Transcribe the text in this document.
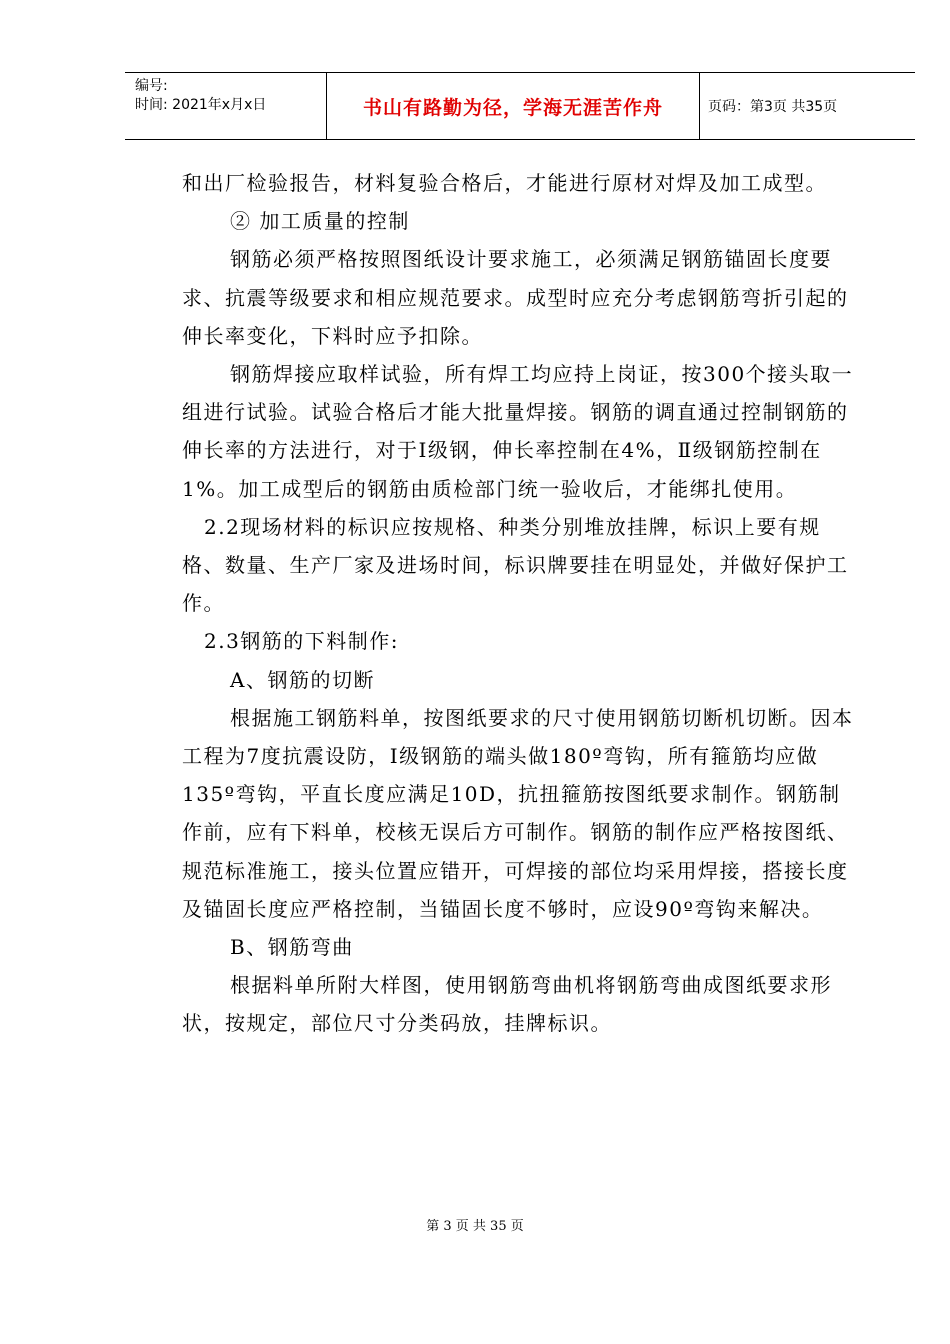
编号:
时间: 2021年x月x日	书山有路勤为径，学海无涯苦作舟	页码：第3页 共35页

和出厂检验报告，材料复验合格后，才能进行原材对焊及加工成型。

② 加工质量的控制

钢筋必须严格按照图纸设计要求施工，必须满足钢筋锚固长度要求、抗震等级要求和相应规范要求。成型时应充分考虑钢筋弯折引起的伸长率变化，下料时应予扣除。

钢筋焊接应取样试验，所有焊工均应持上岗证，按300个接头取一组进行试验。试验合格后才能大批量焊接。钢筋的调直通过控制钢筋的伸长率的方法进行，对于Ⅰ级钢，伸长率控制在4%，Ⅱ级钢筋控制在1%。加工成型后的钢筋由质检部门统一验收后，才能绑扎使用。

2.2现场材料的标识应按规格、种类分别堆放挂牌，标识上要有规格、数量、生产厂家及进场时间，标识牌要挂在明显处，并做好保护工作。

2.3钢筋的下料制作:

A、钢筋的切断

根据施工钢筋料单，按图纸要求的尺寸使用钢筋切断机切断。因本工程为7度抗震设防，Ⅰ级钢筋的端头做180º弯钩，所有箍筋均应做135º弯钩，平直长度应满足10D，抗扭箍筋按图纸要求制作。钢筋制作前，应有下料单，校核无误后方可制作。钢筋的制作应严格按图纸、规范标准施工，接头位置应错开，可焊接的部位均采用焊接，搭接长度及锚固长度应严格控制，当锚固长度不够时，应设90º弯钩来解决。

B、钢筋弯曲

根据料单所附大样图，使用钢筋弯曲机将钢筋弯曲成图纸要求形状，按规定，部位尺寸分类码放，挂牌标识。

第 3 页 共 35 页
